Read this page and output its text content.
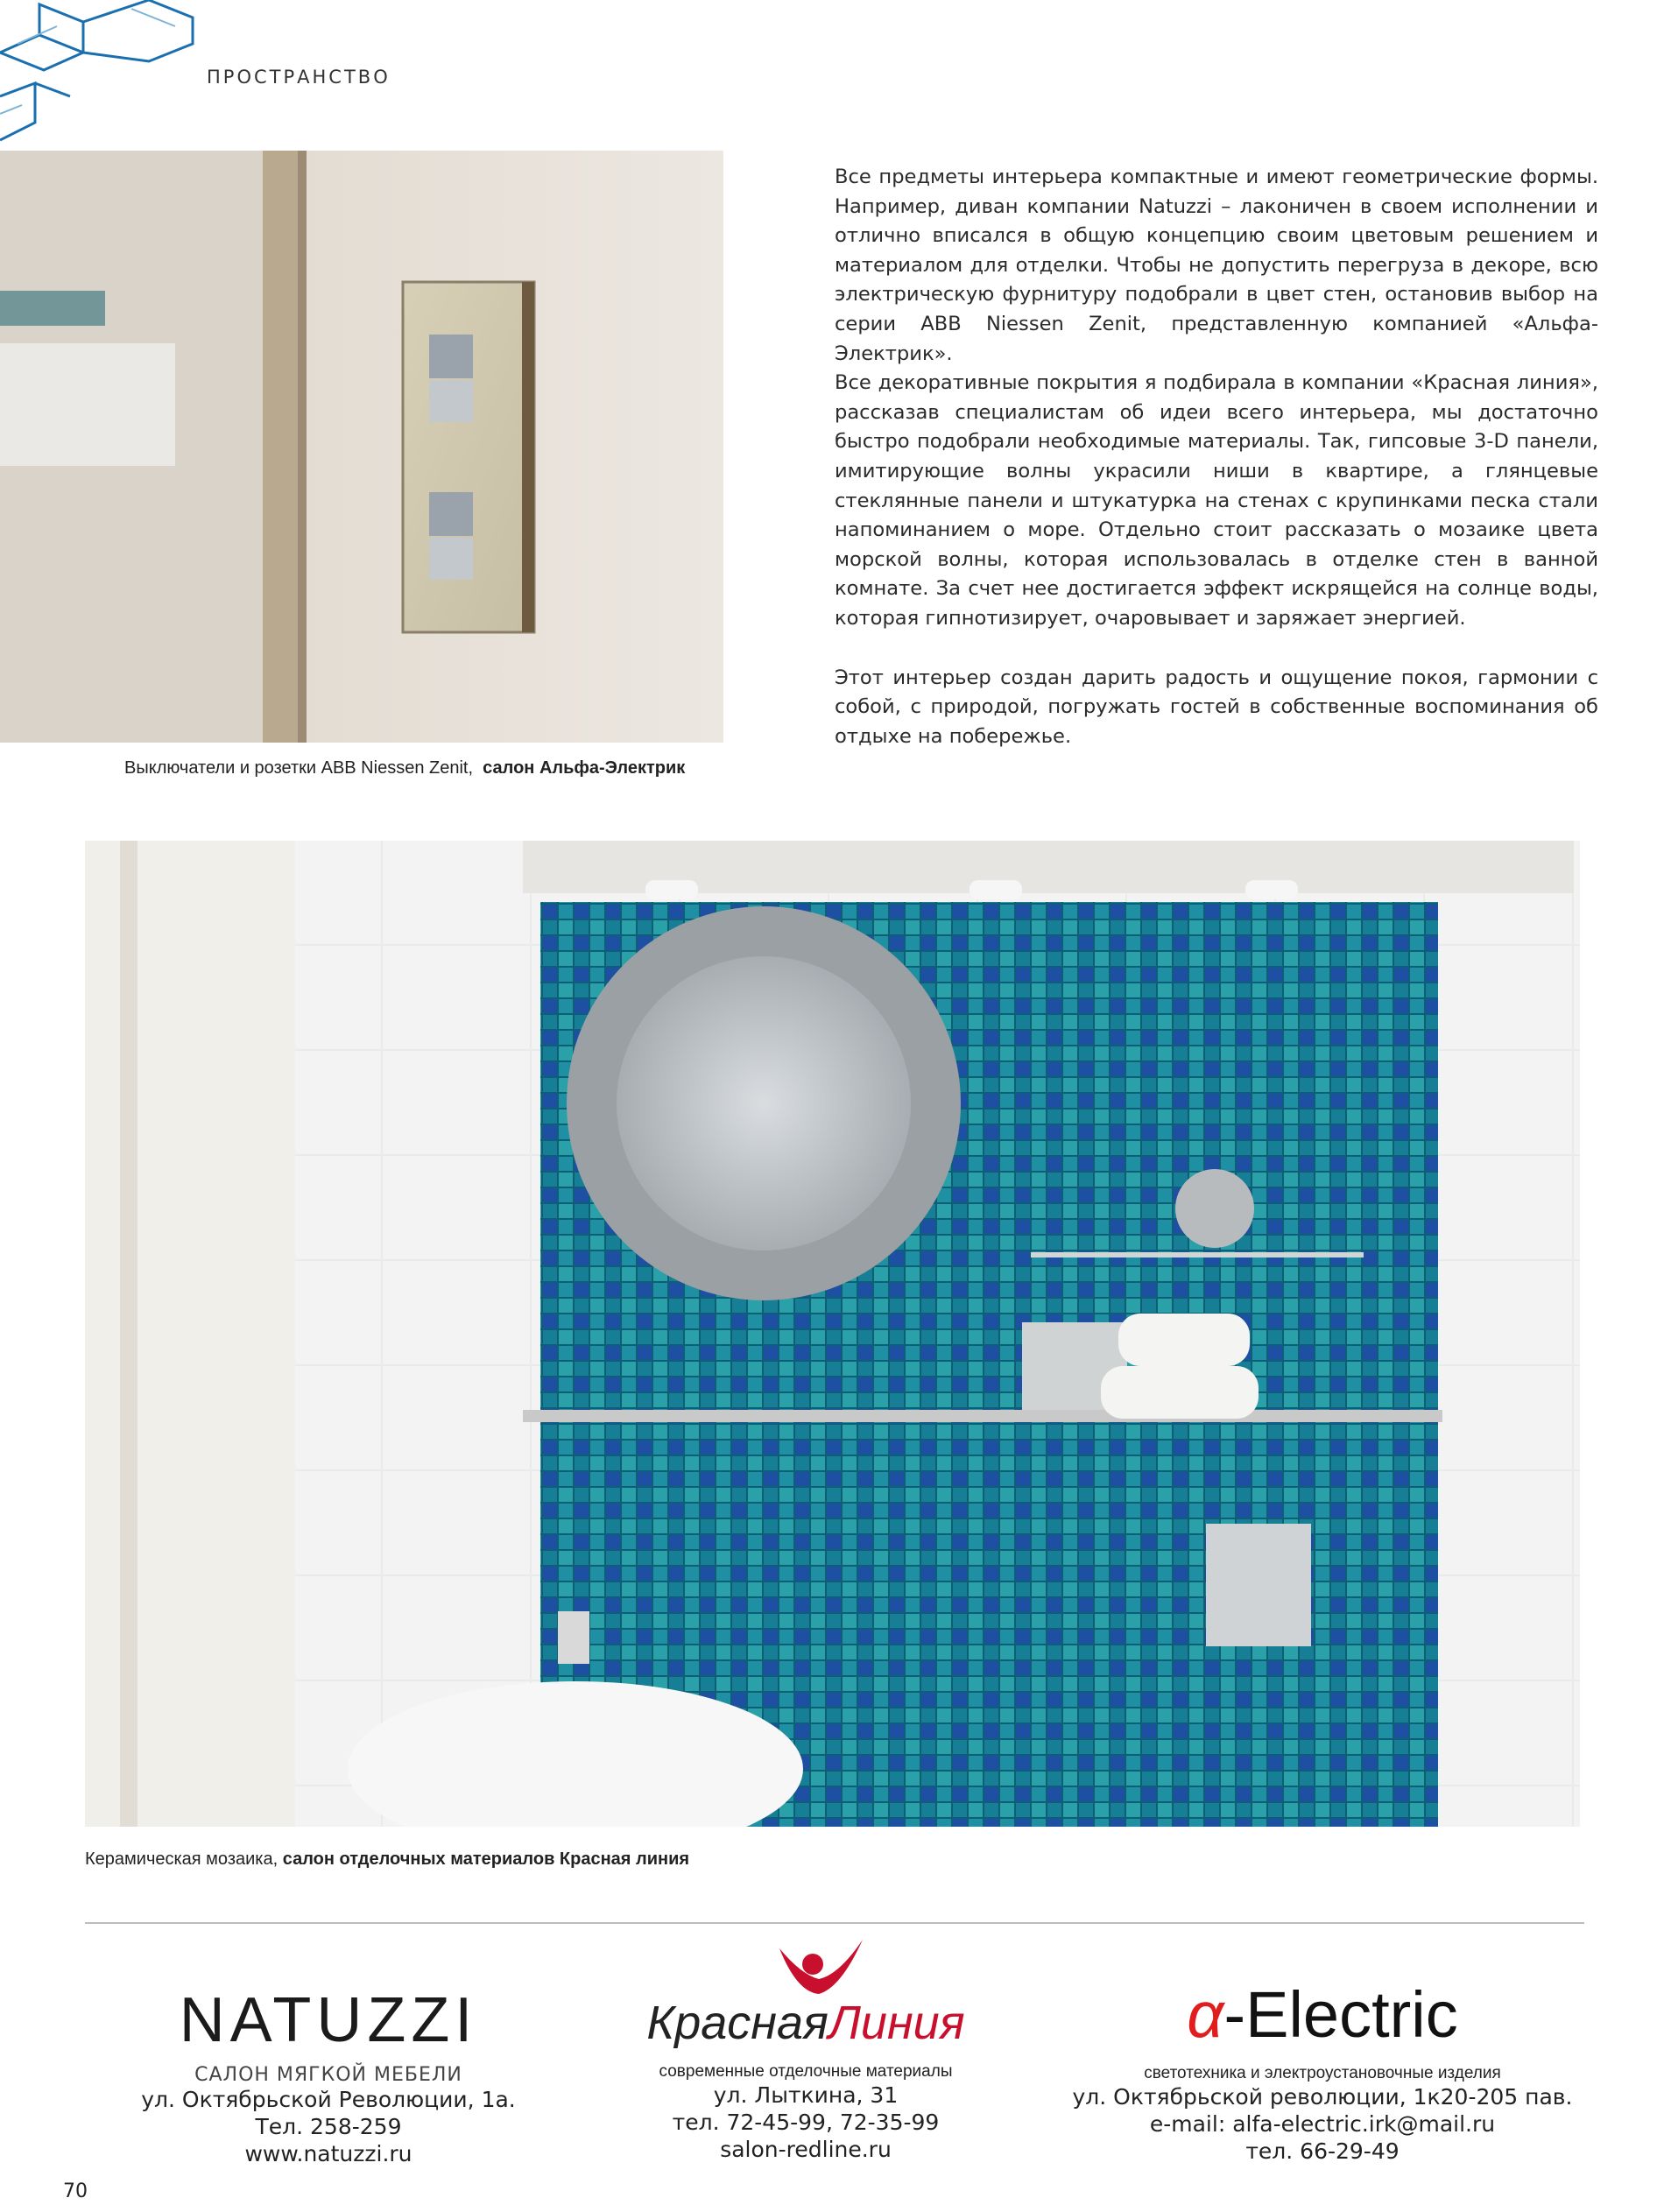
ПРОСТРАНСТВО
Выключатели и розетки ABB Niessen Zenit, салон Альфа-Электрик

Все предметы интерьера компактные и имеют геометрические формы. Например, диван компании Natuzzi – лаконичен в своем исполнении и отлично вписался в общую концепцию своим цветовым решением и материалом для отделки. Чтобы не допустить перегруза в декоре, всю электрическую фурнитуру подобрали в цвет стен, остановив выбор на серии ABB Niessen Zenit, представленную компанией «Альфа-Электрик».

Все декоративные покрытия я подбирала в компании «Красная линия», рассказав специалистам об идеи всего интерьера, мы достаточно быстро подобрали необходимые материалы. Так, гипсовые 3-D панели, имитирующие волны украсили ниши в квартире, а глянцевые стеклянные панели и штукатурка на стенах с крупинками песка стали напоминанием о море. Отдельно стоит рассказать о мозаике цвета морской волны, которая использовалась в отделке стен в ванной комнате. За счет нее достигается эффект искрящейся на солнце воды, которая гипнотизирует, очаровывает и заряжает энергией.

Этот интерьер создан дарить радость и ощущение покоя, гармонии с собой, с природой, погружать гостей в собственные воспоминания об отдыхе на побережье.

Керамическая мозаика, салон отделочных материалов Красная линия
NATUZZI
САЛОН МЯГКОЙ МЕБЕЛИ
ул. Октябрьской Революции, 1а.
Тел. 258-259
www.natuzzi.ru
КраснаяЛиния
современные отделочные материалы
ул. Лыткина, 31
тел. 72-45-99, 72-35-99
salon-redline.ru
α-Electric
светотехника и электроустановочные изделия
ул. Октябрьской революции, 1к20-205 пав.
e-mail: alfa-electric.irk@mail.ru
тел. 66-29-49
70
